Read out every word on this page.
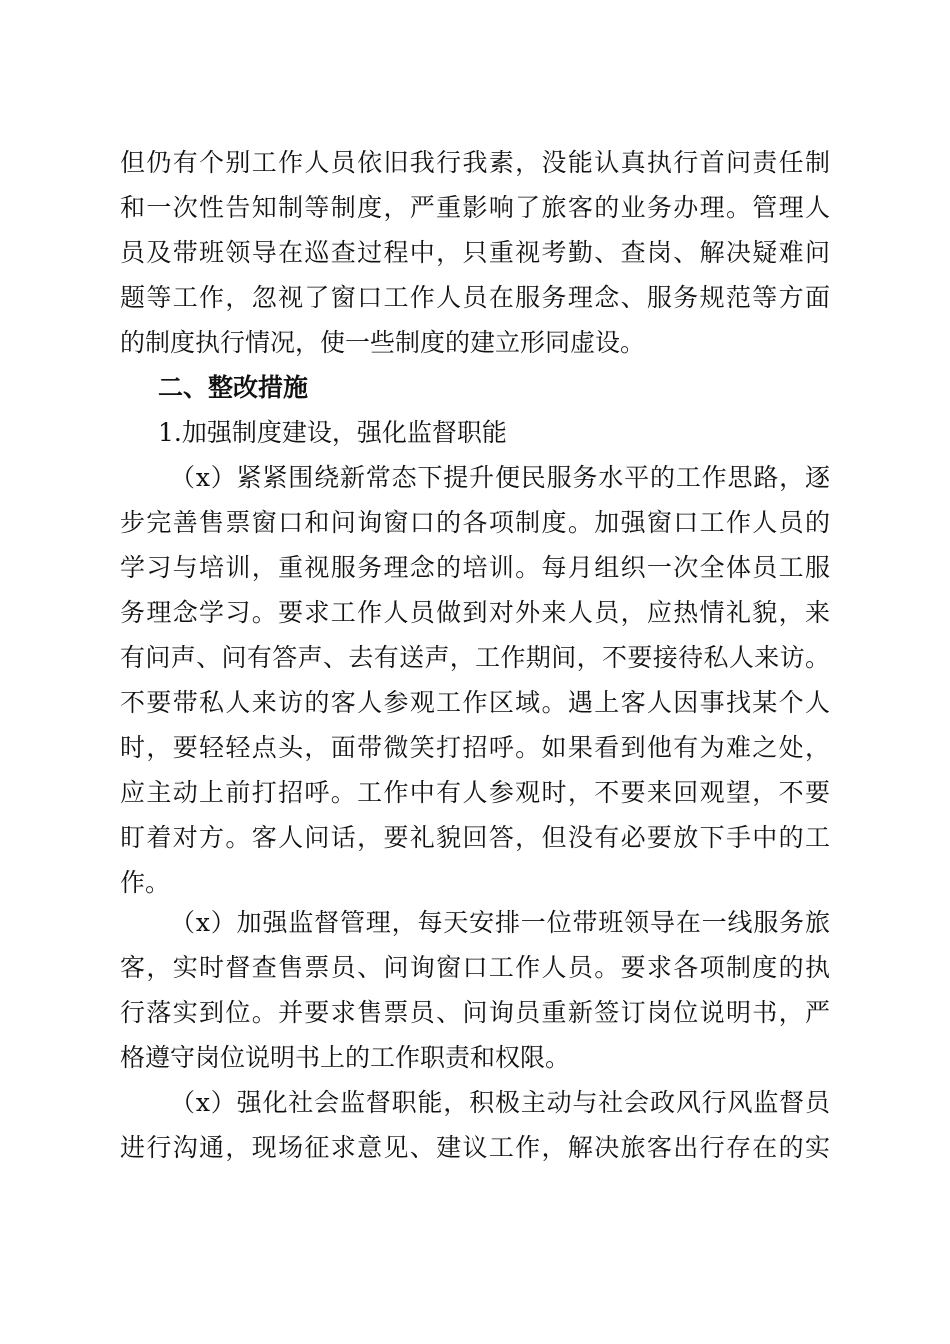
但仍有个别工作人员依旧我行我素，没能认真执行首问责任制
和一次性告知制等制度，严重影响了旅客的业务办理。管理人
员及带班领导在巡查过程中，只重视考勤、查岗、解决疑难问
题等工作，忽视了窗口工作人员在服务理念、服务规范等方面
的制度执行情况，使一些制度的建立形同虚设。
二、整改措施
1.加强制度建设，强化监督职能
（x）紧紧围绕新常态下提升便民服务水平的工作思路，逐
步完善售票窗口和问询窗口的各项制度。加强窗口工作人员的
学习与培训，重视服务理念的培训。每月组织一次全体员工服
务理念学习。要求工作人员做到对外来人员，应热情礼貌，来
有问声、问有答声、去有送声，工作期间，不要接待私人来访。
不要带私人来访的客人参观工作区域。遇上客人因事找某个人
时，要轻轻点头，面带微笑打招呼。如果看到他有为难之处，
应主动上前打招呼。工作中有人参观时，不要来回观望，不要
盯着对方。客人问话，要礼貌回答，但没有必要放下手中的工
作。
（x）加强监督管理，每天安排一位带班领导在一线服务旅
客，实时督查售票员、问询窗口工作人员。要求各项制度的执
行落实到位。并要求售票员、问询员重新签订岗位说明书，严
格遵守岗位说明书上的工作职责和权限。
（x）强化社会监督职能，积极主动与社会政风行风监督员
进行沟通，现场征求意见、建议工作，解决旅客出行存在的实
